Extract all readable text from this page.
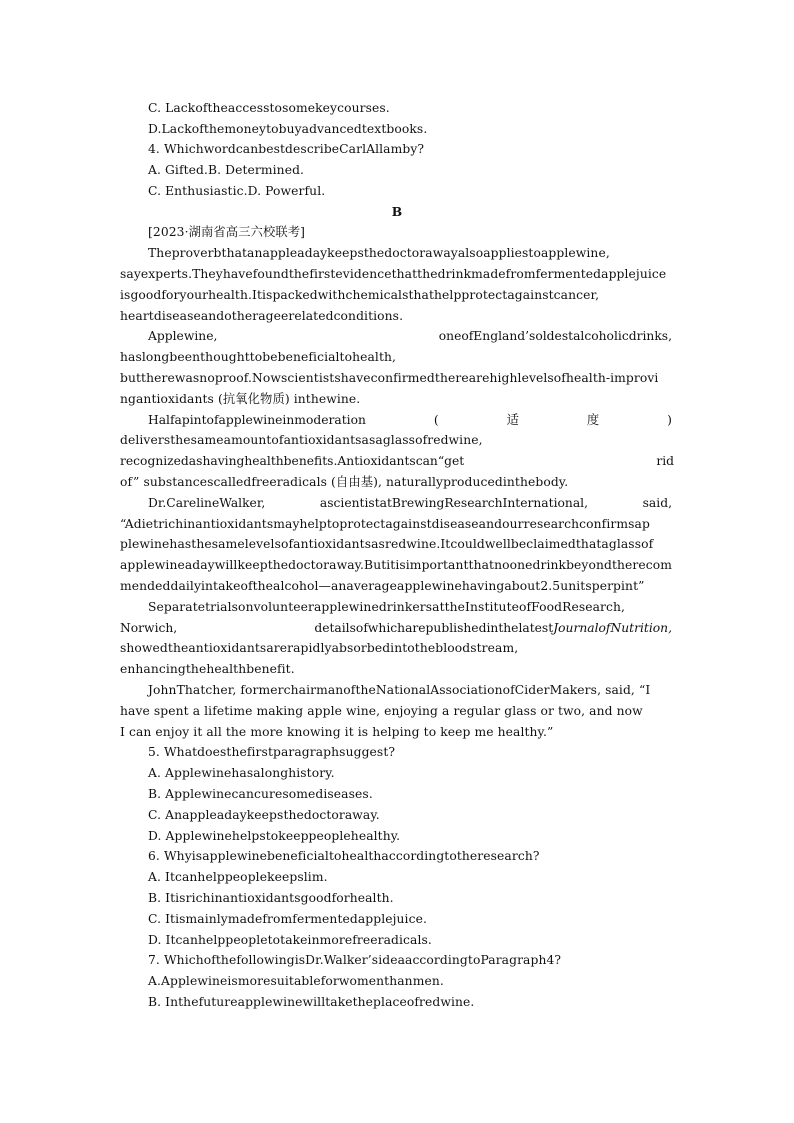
C. Lackoftheaccesstosomekeycourses.
D.Lackofthemoneytobuyadvancedtextbooks.
4. WhichwordcanbestdescribeCarlAllamby?
A. Gifted.B. Determined.
C. Enthusiastic.D. Powerful.
B
[2023·湖南省高三六校联考]
Theproverbthatanappleadaykeepsthedoctorawayalsoappliestoapplewine,
sayexperts.Theyhavefoundthefirstevidencethatthedrinkmadefromfermentedapplejuice
isgoodforyourhealth.Itispackedwithchemicalsthathelpprotectagainstcancer,
heartdiseaseandotherageerelatedconditions.
Applewine,	oneofEngland’soldestalcoholicdrinks,
haslongbeenthoughttobebeneficialtohealth,
buttherewasnoproof.Nowscientistshaveconfirmedtherearehighlevelsofhealth-improvi
ngantioxidants (抗氧化物质) inthewine.
Halfapintofapplewineinmoderation	(	适	度	)
deliversthesameamountofantioxidantsasaglassofredwine,
recognizedashavinghealthbenefits.Antioxidantscan“get	rid
of” substancescalledfreeradicals (自由基), naturallyproducedinthebody.
Dr.CarelineWalker,	ascientistatBrewingResearchInternational,	said,
“Adietrichinantioxidantsmayhelptoprotectagainstdiseaseandourresearchconfirmsap
plewinehasthesamelevelsofantioxidantsasredwine.Itcouldwellbeclaimedthataglassof
applewineadaywillkeepthedoctoraway.Butitisimportantthatnoonedrinkbeyondtherecom
mendeddailyintakeofthealcohol—anaverageapplewinehavingabout2.5unitsperpint”
SeparatetrialsonvolunteerapplewinedrinkersattheInstituteofFoodResearch,
Norwich,	detailsofwhicharepublishedinthelatestJournalofNutrition,
showedtheantioxidantsarerapidlyabsorbedintothebloodstream,
enhancingthehealthbenefit.
JohnThatcher, formerchairmanoftheNationalAssociationofCiderMakers, said, “I
have spent a lifetime making apple wine, enjoying a regular glass or two, and now
I can enjoy it all the more knowing it is helping to keep me healthy.”
5. Whatdoesthefirstparagraphsuggest?
A. Applewinehasalonghistory.
B. Applewinecancuresomediseases.
C. Anappleadaykeepsthedoctoraway.
D. Applewinehelpstokeeppeoplehealthy.
6. Whyisapplewinebeneficialtohealthaccordingtotheresearch?
A. Itcanhelppeoplekeepslim.
B. Itisrichinantioxidantsgoodforhealth.
C. Itismainlymadefromfermentedapplejuice.
D. Itcanhelppeopletotakeinmorefreeradicals.
7. WhichofthefollowingisDr.Walker’sideaaccordingtoParagraph4?
A.Applewineismoresuitableforwomenthanmen.
B. Inthefutureapplewinewilltaketheplaceofredwine.
